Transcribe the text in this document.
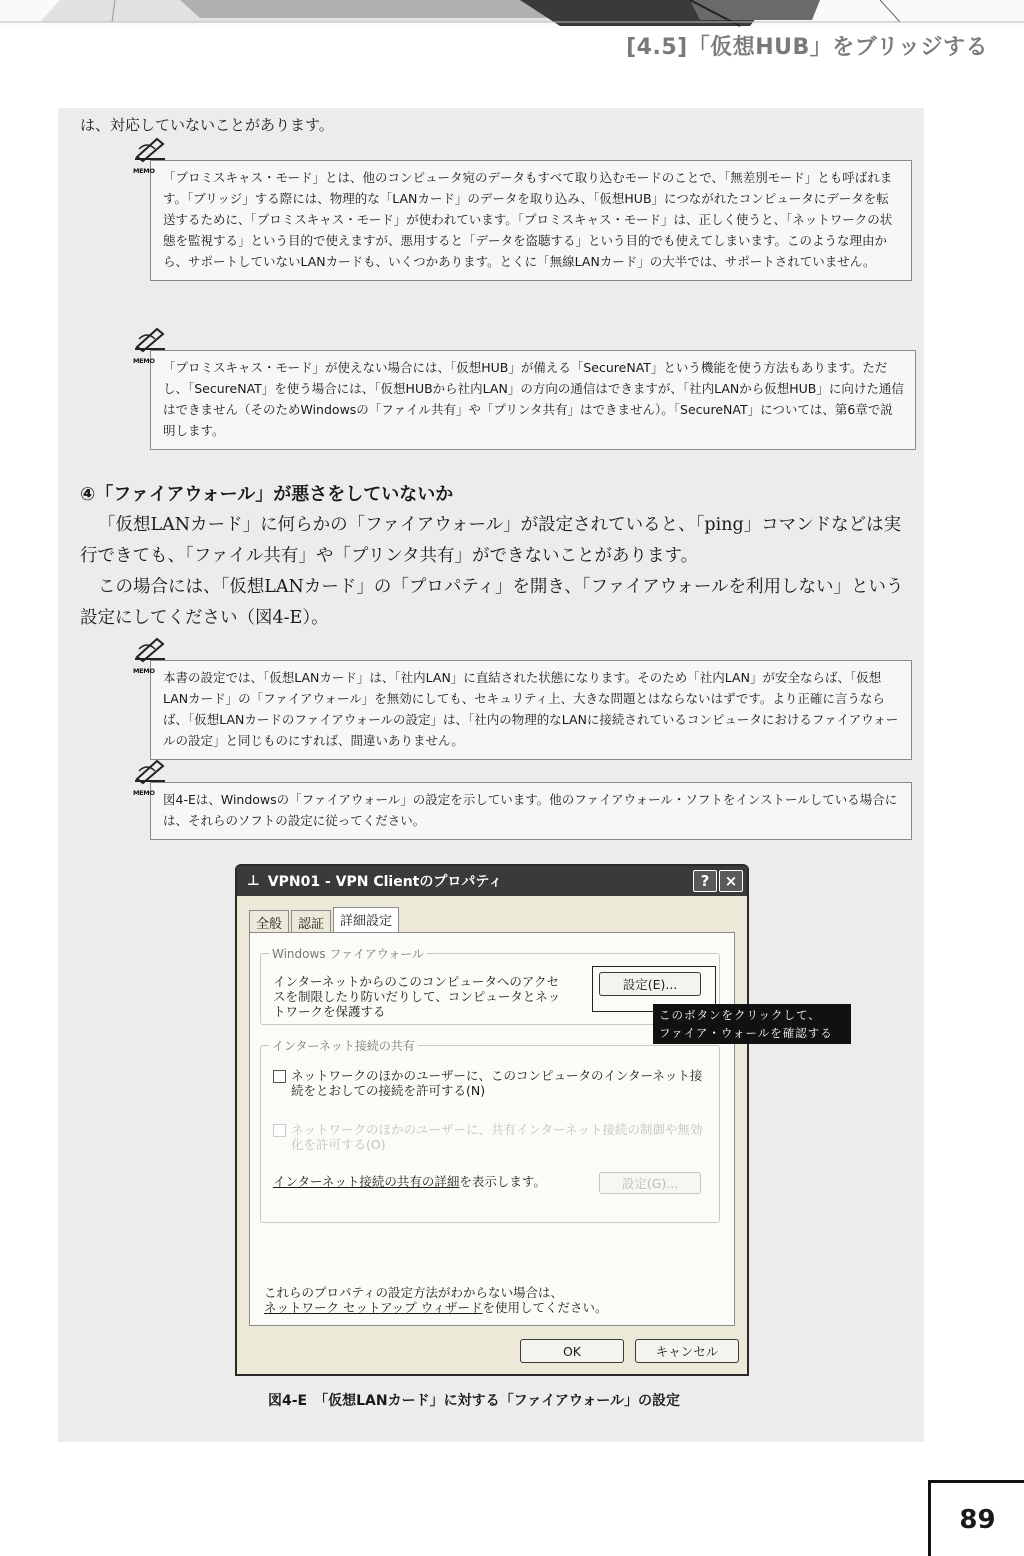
[4.5]「仮想HUB」をブリッジする
は、対応していないことがあります。
MEMO 「プロミスキャス・モード」とは、他のコンピュータ宛のデータもすべて取り込むモードのことで、「無差別モード」とも呼ばれます。「ブリッジ」する際には、物理的な「LANカード」のデータを取り込み、「仮想HUB」につながれたコンピュータにデータを転送するために、「プロミスキャス・モード」が使われています。「プロミスキャス・モード」は、正しく使うと、「ネットワークの状態を監視する」という目的で使えますが、悪用すると「データを盗聴する」という目的でも使えてしまいます。このような理由から、サポートしていないLANカードも、いくつかあります。とくに「無線LANカード」の大半では、サポートされていません。
MEMO 「プロミスキャス・モード」が使えない場合には、「仮想HUB」が備える「SecureNAT」という機能を使う方法もあります。ただし、「SecureNAT」を使う場合には、「仮想HUBから社内LAN」の方向の通信はできますが、「社内LANから仮想HUB」に向けた通信はできません（そのためWindowsの「ファイル共有」や「プリンタ共有」はできません）。「SecureNAT」については、第6章で説明します。
④「ファイアウォール」が悪さをしていないか

「仮想LANカード」に何らかの「ファイアウォール」が設定されていると、「ping」コマンドなどは実行できても、「ファイル共有」や「プリンタ共有」ができないことがあります。

この場合には、「仮想LANカード」の「プロパティ」を開き、「ファイアウォールを利用しない」という設定にしてください（図4-E）。

MEMO 本書の設定では、「仮想LANカード」は、「社内LAN」に直結された状態になります。そのため「社内LAN」が安全ならば、「仮想LANカード」の「ファイアウォール」を無効にしても、セキュリティ上、大きな問題とはならないはずです。より正確に言うならば、「仮想LANカードのファイアウォールの設定」は、「社内の物理的なLANに接続されているコンピュータにおけるファイアウォールの設定」と同じものにすれば、間違いありません。
MEMO 図4-Eは、Windowsの「ファイアウォール」の設定を示しています。他のファイアウォール・ソフトをインストールしている場合には、それらのソフトの設定に従ってください。
⊥ VPN01 - VPN Clientのプロパティ	?	×
全般	認証	詳細設定
Windows ファイアウォール
インターネットからのこのコンピュータへのアクセスを制限したり防いだりして、コンピュータとネットワークを保護する
設定(E)...
インターネット接続の共有
ネットワークのほかのユーザーに、このコンピュータのインターネット接続をとおしての接続を許可する(N)
ネットワークのほかのユーザーに、共有インターネット接続の制御や無効化を許可する(O)
インターネット接続の共有の詳細を表示します。	設定(G)...
これらのプロパティの設定方法がわからない場合は、
ネットワーク セットアップ ウィザードを使用してください。
OK	キャンセル
このボタンをクリックして、
ファイア・ウォールを確認する
図4-E　「仮想LANカード」に対する「ファイアウォール」の設定
89
